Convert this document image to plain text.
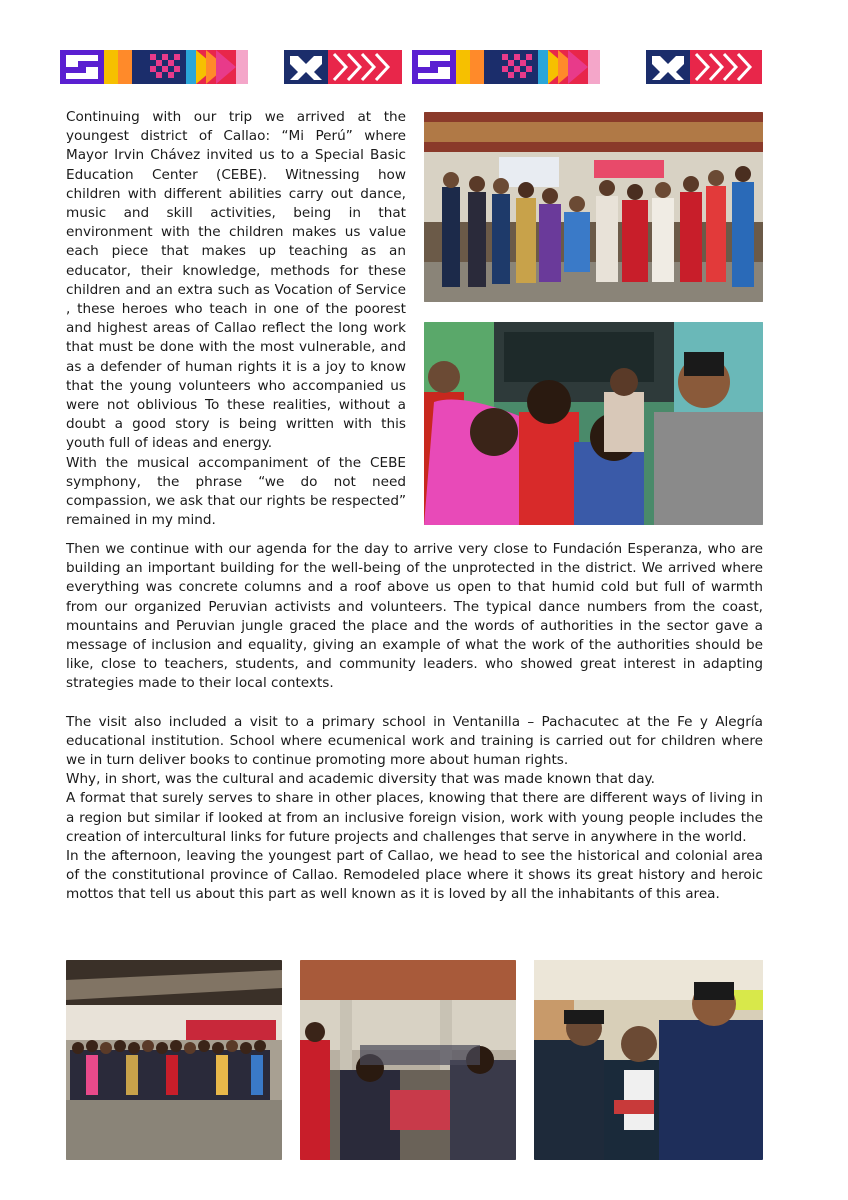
Continuing with our trip we arrived at the youngest district of Callao: “Mi Perú” where Mayor Irvin Chávez invited us to a Special Basic Education Center (CEBE). Witnessing how children with different abilities carry out dance, music and skill activities, being in that environment with the children makes us value each piece that makes up teaching as an educator, their knowledge, methods for these children and an extra such as Vocation of Service , these heroes who teach in one of the poorest and highest areas of Callao reflect the long work that must be done with the most vulnerable, and as a defender of human rights it is a joy to know that the young volunteers who accompanied us were not oblivious To these realities, without a doubt a good story is being written with this youth full of ideas and energy.

With the musical accompaniment of the CEBE symphony, the phrase “we do not need compassion, we ask that our rights be respected” remained in my mind.

Then we continue with our agenda for the day to arrive very close to Fundación Esperanza, who are building an important building for the well-being of the unprotected in the district. We arrived where everything was concrete columns and a roof above us open to that humid cold but full of warmth from our organized Peruvian activists and volunteers. The typical dance numbers from the coast, mountains and Peruvian jungle graced the place and the words of authorities in the sector gave a message of inclusion and equality, giving an example of what the work of the authorities should be like, close to teachers, students, and community leaders. who showed great interest in adapting strategies made to their local contexts.

The visit also included a visit to a primary school in Ventanilla – Pachacutec at the Fe y Alegría educational institution. School where ecumenical work and training is carried out for children where we in turn deliver books to continue promoting more about human rights.

Why, in short, was the cultural and academic diversity that was made known that day.

A format that surely serves to share in other places, knowing that there are different ways of living in a region but similar if looked at from an inclusive foreign vision, work with young people includes the creation of intercultural links for future projects and challenges that serve in anywhere in the world.

In the afternoon, leaving the youngest part of Callao, we head to see the historical and colonial area of the constitutional province of Callao. Remodeled place where it shows its great history and heroic mottos that tell us about this part as well known as it is loved by all the inhabitants of this area.
